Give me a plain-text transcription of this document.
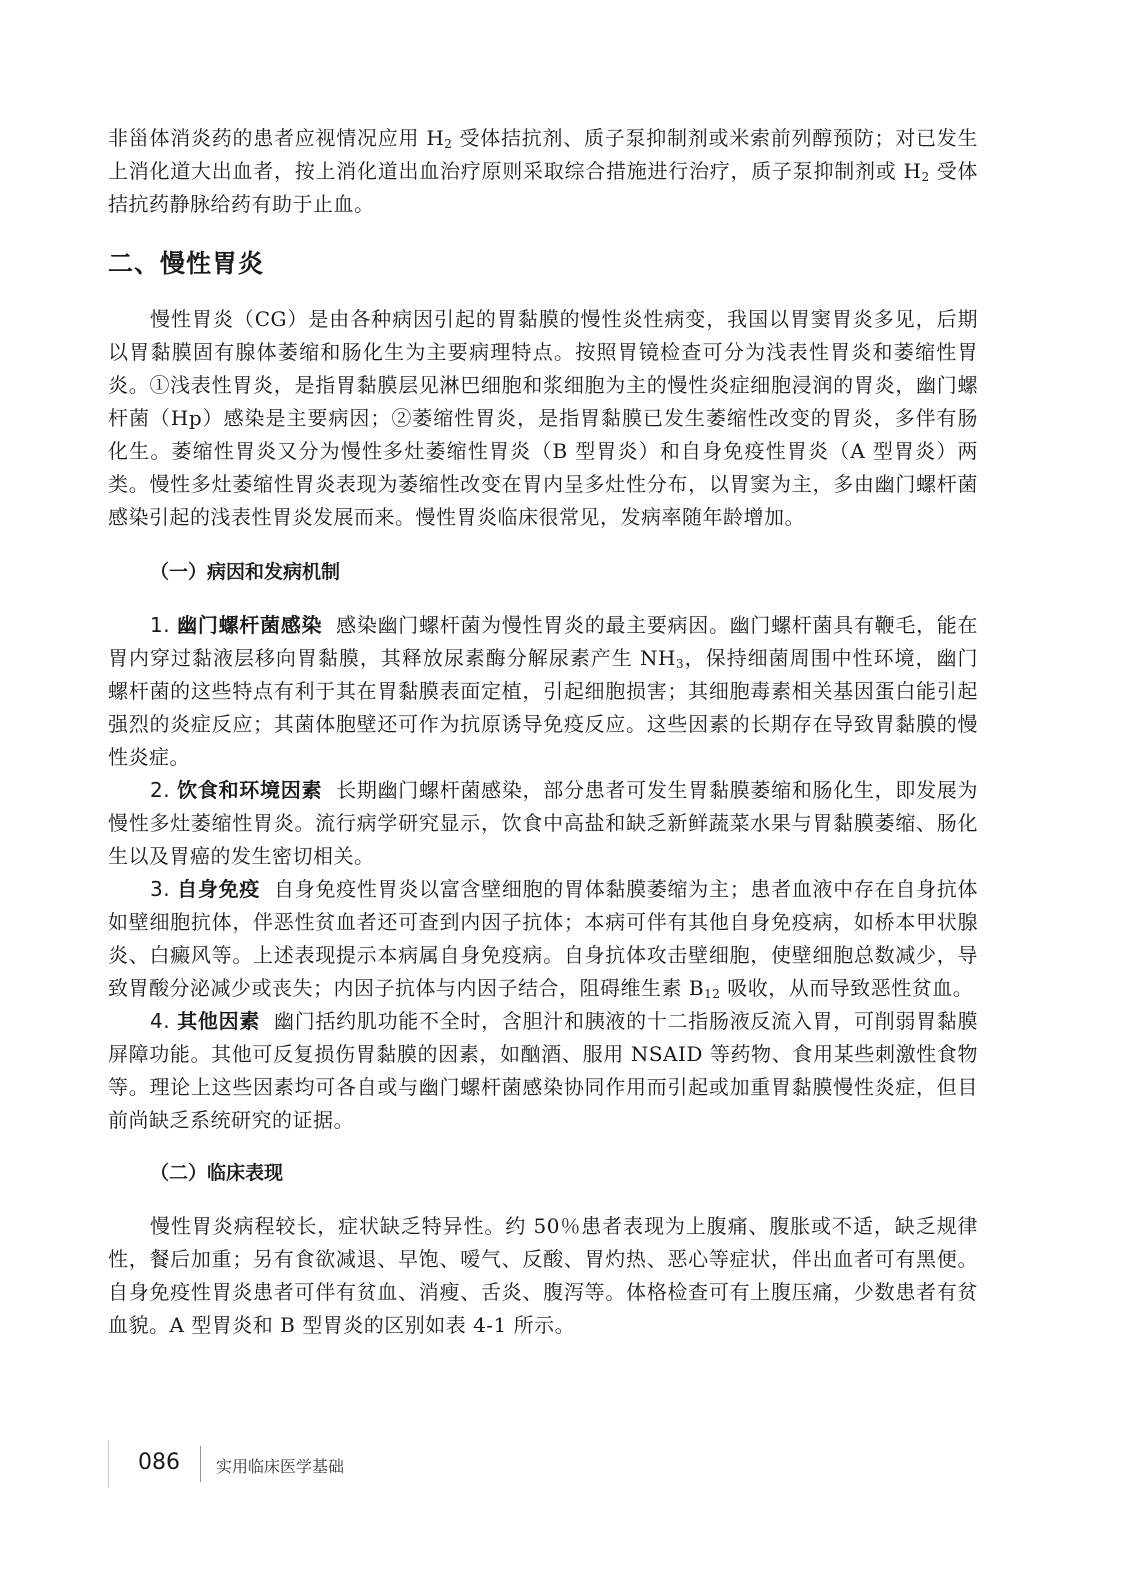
非甾体消炎药的患者应视情况应用 $H_2$ 受体拮抗剂、质子泵抑制剂或米索前列醇预防；对已发生上消化道大出血者，按上消化道出血治疗原则采取综合措施进行治疗，质子泵抑制剂或 $H_2$ 受体拮抗药静脉给药有助于止血。

二、慢性胃炎

慢性胃炎（CG）是由各种病因引起的胃黏膜的慢性炎性病变，我国以胃窦胃炎多见，后期以胃黏膜固有腺体萎缩和肠化生为主要病理特点。按照胃镜检查可分为浅表性胃炎和萎缩性胃炎。①浅表性胃炎，是指胃黏膜层见淋巴细胞和浆细胞为主的慢性炎症细胞浸润的胃炎，幽门螺杆菌（Hp）感染是主要病因；②萎缩性胃炎，是指胃黏膜已发生萎缩性改变的胃炎，多伴有肠化生。萎缩性胃炎又分为慢性多灶萎缩性胃炎（B 型胃炎）和自身免疫性胃炎（A 型胃炎）两类。慢性多灶萎缩性胃炎表现为萎缩性改变在胃内呈多灶性分布，以胃窦为主，多由幽门螺杆菌感染引起的浅表性胃炎发展而来。慢性胃炎临床很常见，发病率随年龄增加。

（一）病因和发病机制

1. 幽门螺杆菌感染 感染幽门螺杆菌为慢性胃炎的最主要病因。幽门螺杆菌具有鞭毛，能在胃内穿过黏液层移向胃黏膜，其释放尿素酶分解尿素产生 $NH_3$，保持细菌周围中性环境，幽门螺杆菌的这些特点有利于其在胃黏膜表面定植，引起细胞损害；其细胞毒素相关基因蛋白能引起强烈的炎症反应；其菌体胞壁还可作为抗原诱导免疫反应。这些因素的长期存在导致胃黏膜的慢性炎症。

2. 饮食和环境因素 长期幽门螺杆菌感染，部分患者可发生胃黏膜萎缩和肠化生，即发展为慢性多灶萎缩性胃炎。流行病学研究显示，饮食中高盐和缺乏新鲜蔬菜水果与胃黏膜萎缩、肠化生以及胃癌的发生密切相关。

3. 自身免疫 自身免疫性胃炎以富含壁细胞的胃体黏膜萎缩为主；患者血液中存在自身抗体如壁细胞抗体，伴恶性贫血者还可查到内因子抗体；本病可伴有其他自身免疫病，如桥本甲状腺炎、白癜风等。上述表现提示本病属自身免疫病。自身抗体攻击壁细胞，使壁细胞总数减少，导致胃酸分泌减少或丧失；内因子抗体与内因子结合，阻碍维生素 $B_{12}$ 吸收，从而导致恶性贫血。

4. 其他因素 幽门括约肌功能不全时，含胆汁和胰液的十二指肠液反流入胃，可削弱胃黏膜屏障功能。其他可反复损伤胃黏膜的因素，如酗酒、服用 NSAID 等药物、食用某些刺激性食物等。理论上这些因素均可各自或与幽门螺杆菌感染协同作用而引起或加重胃黏膜慢性炎症，但目前尚缺乏系统研究的证据。

（二）临床表现

慢性胃炎病程较长，症状缺乏特异性。约 50％患者表现为上腹痛、腹胀或不适，缺乏规律性，餐后加重；另有食欲减退、早饱、嗳气、反酸、胃灼热、恶心等症状，伴出血者可有黑便。自身免疫性胃炎患者可伴有贫血、消瘦、舌炎、腹泻等。体格检查可有上腹压痛，少数患者有贫血貌。A 型胃炎和 B 型胃炎的区别如表 4-1 所示。

086 实用临床医学基础
